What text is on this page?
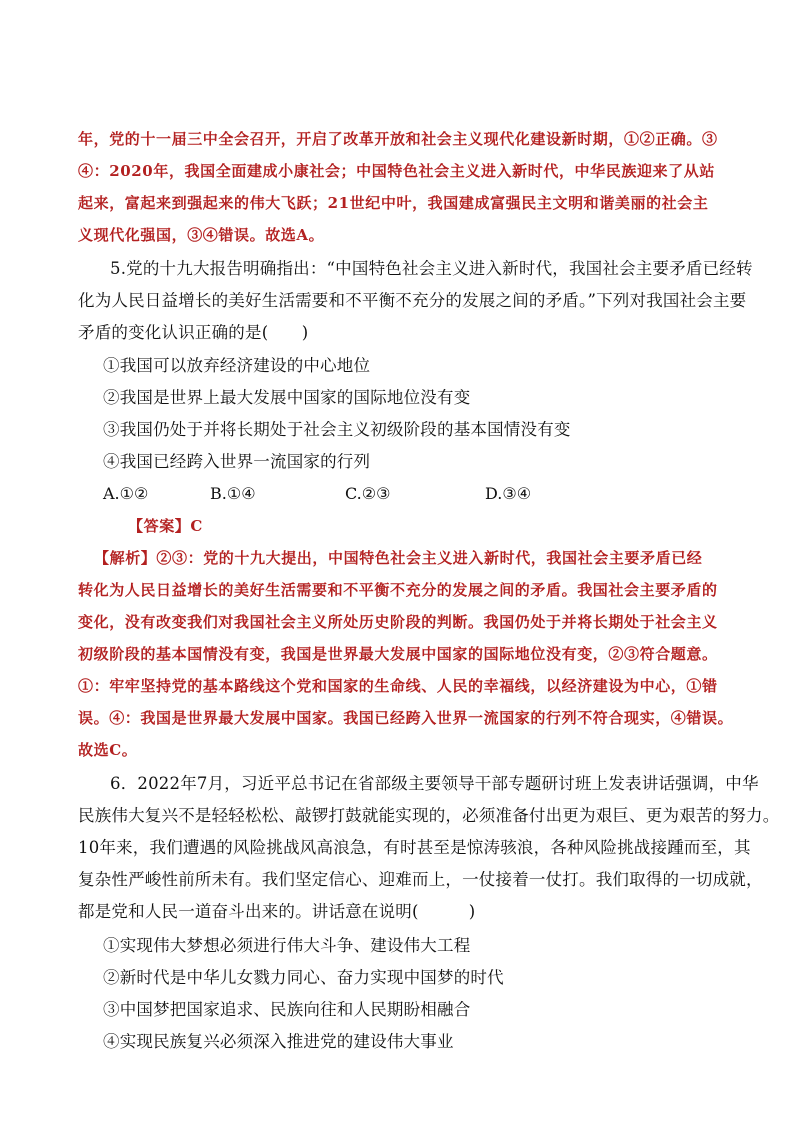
年，党的十一届三中全会召开，开启了改革开放和社会主义现代化建设新时期，①②正确。③
④：2020年，我国全面建成小康社会；中国特色社会主义进入新时代，中华民族迎来了从站
起来，富起来到强起来的伟大飞跃；21世纪中叶，我国建成富强民主文明和谐美丽的社会主
义现代化强国，③④错误。故选A。
5.党的十九大报告明确指出：“中国特色社会主义进入新时代，我国社会主要矛盾已经转
化为人民日益增长的美好生活需要和不平衡不充分的发展之间的矛盾。”下列对我国社会主要
矛盾的变化认识正确的是(　　)
①我国可以放弃经济建设的中心地位
②我国是世界上最大发展中国家的国际地位没有变
③我国仍处于并将长期处于社会主义初级阶段的基本国情没有变
④我国已经跨入世界一流国家的行列
A.①②	B.①④	C.②③	D.③④
【答案】C
【解析】②③：党的十九大提出，中国特色社会主义进入新时代，我国社会主要矛盾已经
转化为人民日益增长的美好生活需要和不平衡不充分的发展之间的矛盾。我国社会主要矛盾的
变化，没有改变我们对我国社会主义所处历史阶段的判断。我国仍处于并将长期处于社会主义
初级阶段的基本国情没有变，我国是世界最大发展中国家的国际地位没有变，②③符合题意。
①：牢牢坚持党的基本路线这个党和国家的生命线、人民的幸福线，以经济建设为中心，①错
误。④：我国是世界最大发展中国家。我国已经跨入世界一流国家的行列不符合现实，④错误。
故选C。
6．2022年7月，习近平总书记在省部级主要领导干部专题研讨班上发表讲话强调，中华
民族伟大复兴不是轻轻松松、敲锣打鼓就能实现的，必须准备付出更为艰巨、更为艰苦的努力。
10年来，我们遭遇的风险挑战风高浪急，有时甚至是惊涛骇浪，各种风险挑战接踵而至，其
复杂性严峻性前所未有。我们坚定信心、迎难而上，一仗接着一仗打。我们取得的一切成就，
都是党和人民一道奋斗出来的。讲话意在说明(　　　)
①实现伟大梦想必须进行伟大斗争、建设伟大工程
②新时代是中华儿女戮力同心、奋力实现中国梦的时代
③中国梦把国家追求、民族向往和人民期盼相融合
④实现民族复兴必须深入推进党的建设伟大事业
